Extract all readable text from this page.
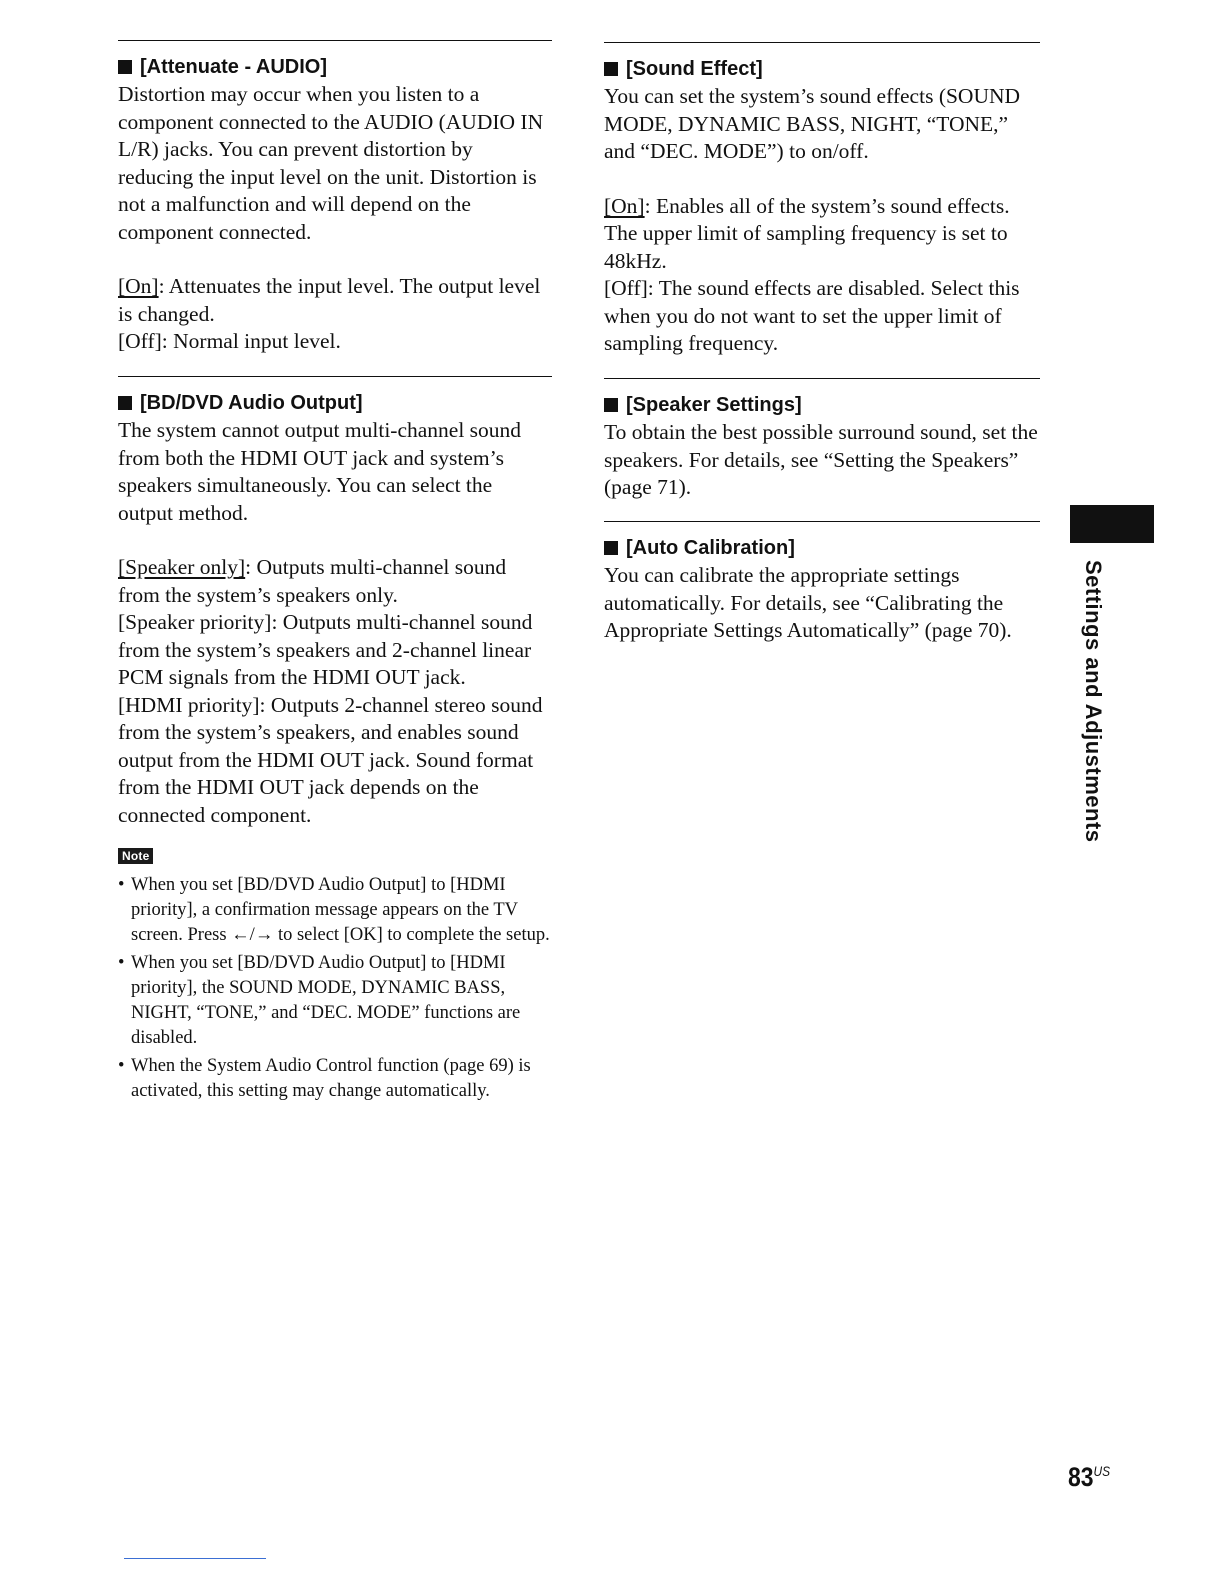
[Attenuate - AUDIO]

Distortion may occur when you listen to a component connected to the AUDIO (AUDIO IN L/R) jacks. You can prevent distortion by reducing the input level on the unit. Distortion is not a malfunction and will depend on the component connected.

[On]: Attenuates the input level. The output level is changed.

[Off]: Normal input level.

[BD/DVD Audio Output]

The system cannot output multi-channel sound from both the HDMI OUT jack and system’s speakers simultaneously. You can select the output method.

[Speaker only]: Outputs multi-channel sound from the system’s speakers only.

[Speaker priority]: Outputs multi-channel sound from the system’s speakers and 2-channel linear PCM signals from the HDMI OUT jack.

[HDMI priority]: Outputs 2-channel stereo sound from the system’s speakers, and enables sound output from the HDMI OUT jack. Sound format from the HDMI OUT jack depends on the connected component.

Note
• When you set [BD/DVD Audio Output] to [HDMI priority], a confirmation message appears on the TV screen. Press ←/→ to select [OK] to complete the setup.
• When you set [BD/DVD Audio Output] to [HDMI priority], the SOUND MODE, DYNAMIC BASS, NIGHT, “TONE,” and “DEC. MODE” functions are disabled.
• When the System Audio Control function (page 69) is activated, this setting may change automatically.
[Sound Effect]

You can set the system’s sound effects (SOUND MODE, DYNAMIC BASS, NIGHT, “TONE,” and “DEC. MODE”) to on/off.

[On]: Enables all of the system’s sound effects. The upper limit of sampling frequency is set to 48kHz.

[Off]: The sound effects are disabled. Select this when you do not want to set the upper limit of sampling frequency.

[Speaker Settings]

To obtain the best possible surround sound, set the speakers. For details, see “Setting the Speakers” (page 71).

[Auto Calibration]

You can calibrate the appropriate settings automatically. For details, see “Calibrating the Appropriate Settings Automatically” (page 70).	Settings and Adjustments
$83^{US}$
